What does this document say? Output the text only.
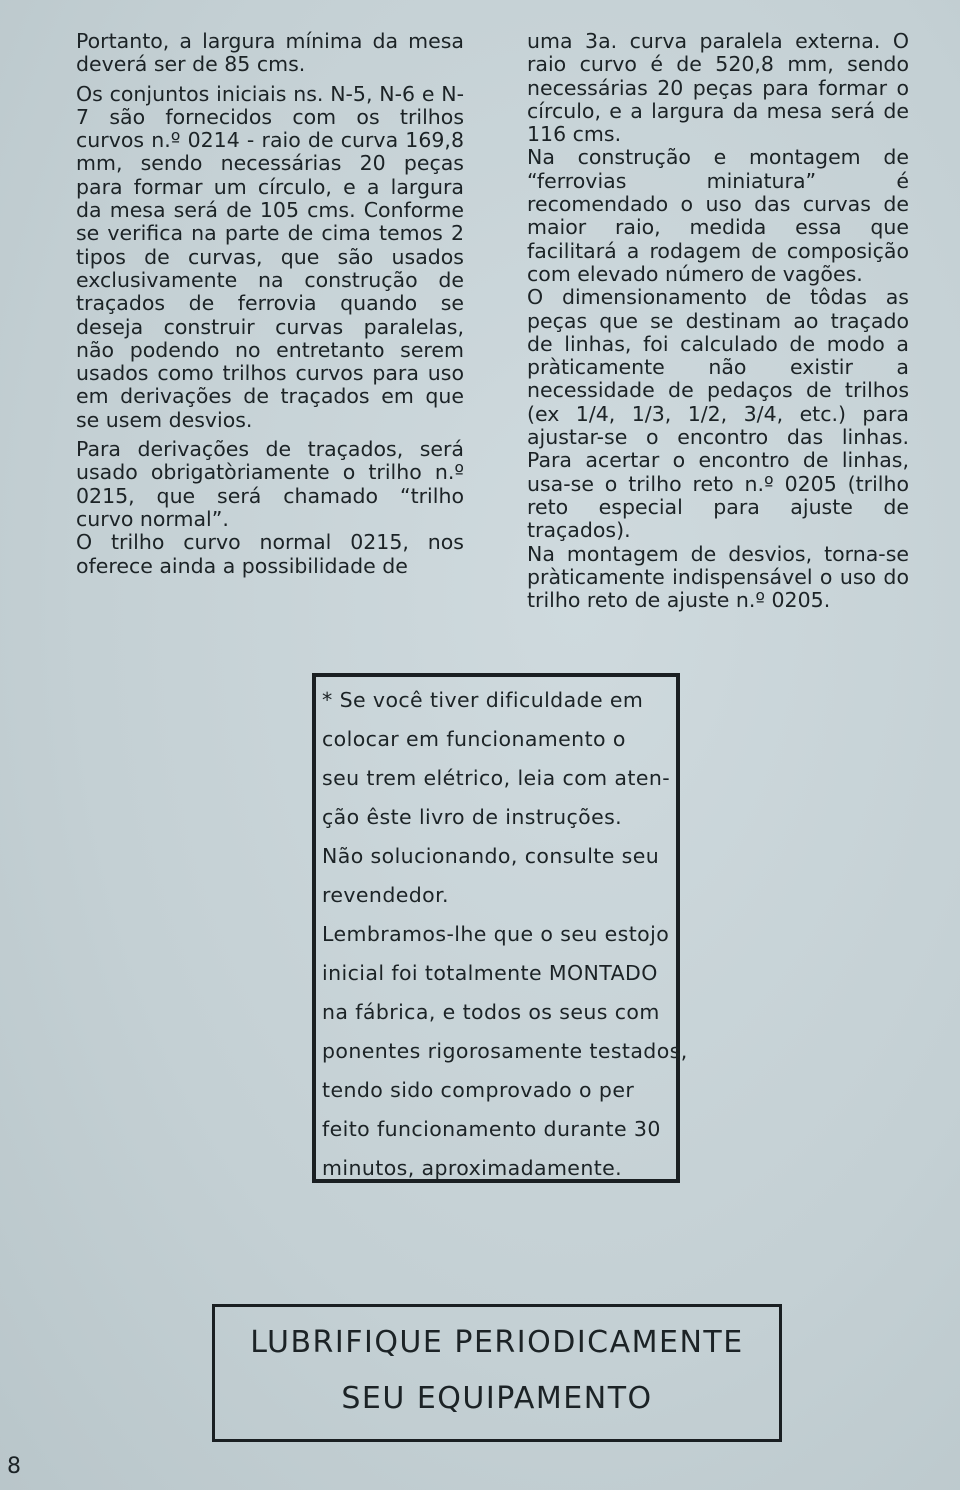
Portanto, a largura mínima da mesa deverá ser de 85 cms.

Os conjuntos iniciais ns. N-5, N-6 e N-7 são fornecidos com os trilhos curvos n.º 0214 - raio de curva 169,8 mm, sendo necessárias 20 peças para formar um círculo, e a largura da mesa será de 105 cms. Conforme se verifica na parte de cima temos 2 tipos de curvas, que são usados exclusivamente na construção de traçados de ferrovia quando se deseja construir curvas paralelas, não podendo no entretanto serem usados como trilhos curvos para uso em derivações de traçados em que se usem desvios.

Para derivações de traçados, será usado obrigatòriamente o trilho n.º 0215, que será chamado “trilho curvo normal”.

O trilho curvo normal 0215, nos oferece ainda a possibilidade de

uma 3a. curva paralela externa. O raio curvo é de 520,8 mm, sendo necessárias 20 peças para formar o círculo, e a largura da mesa será de 116 cms.

Na construção e montagem de “ferrovias miniatura” é recomendado o uso das curvas de maior raio, medida essa que facilitará a rodagem de composição com elevado número de vagões.

O dimensionamento de tôdas as peças que se destinam ao traçado de linhas, foi calculado de modo a pràticamente não existir a necessidade de pedaços de trilhos (ex 1/4, 1/3, 1/2, 3/4, etc.) para ajustar-se o encontro das linhas. Para acertar o encontro de linhas, usa-se o trilho reto n.º 0205 (trilho reto especial para ajuste de traçados).

Na montagem de desvios, torna-se pràticamente indispensável o uso do trilho reto de ajuste n.º 0205.

* Se você tiver dificuldade em
colocar em funcionamento o
seu trem elétrico, leia com aten-
ção êste livro de instruções.
Não solucionando, consulte seu
revendedor.
Lembramos-lhe que o seu estojo
inicial foi totalmente MONTADO
na fábrica, e todos os seus com
ponentes rigorosamente testados,
tendo sido comprovado o per
feito funcionamento durante 30
minutos, aproximadamente.
LUBRIFIQUE PERIODICAMENTE
SEU EQUIPAMENTO
8
